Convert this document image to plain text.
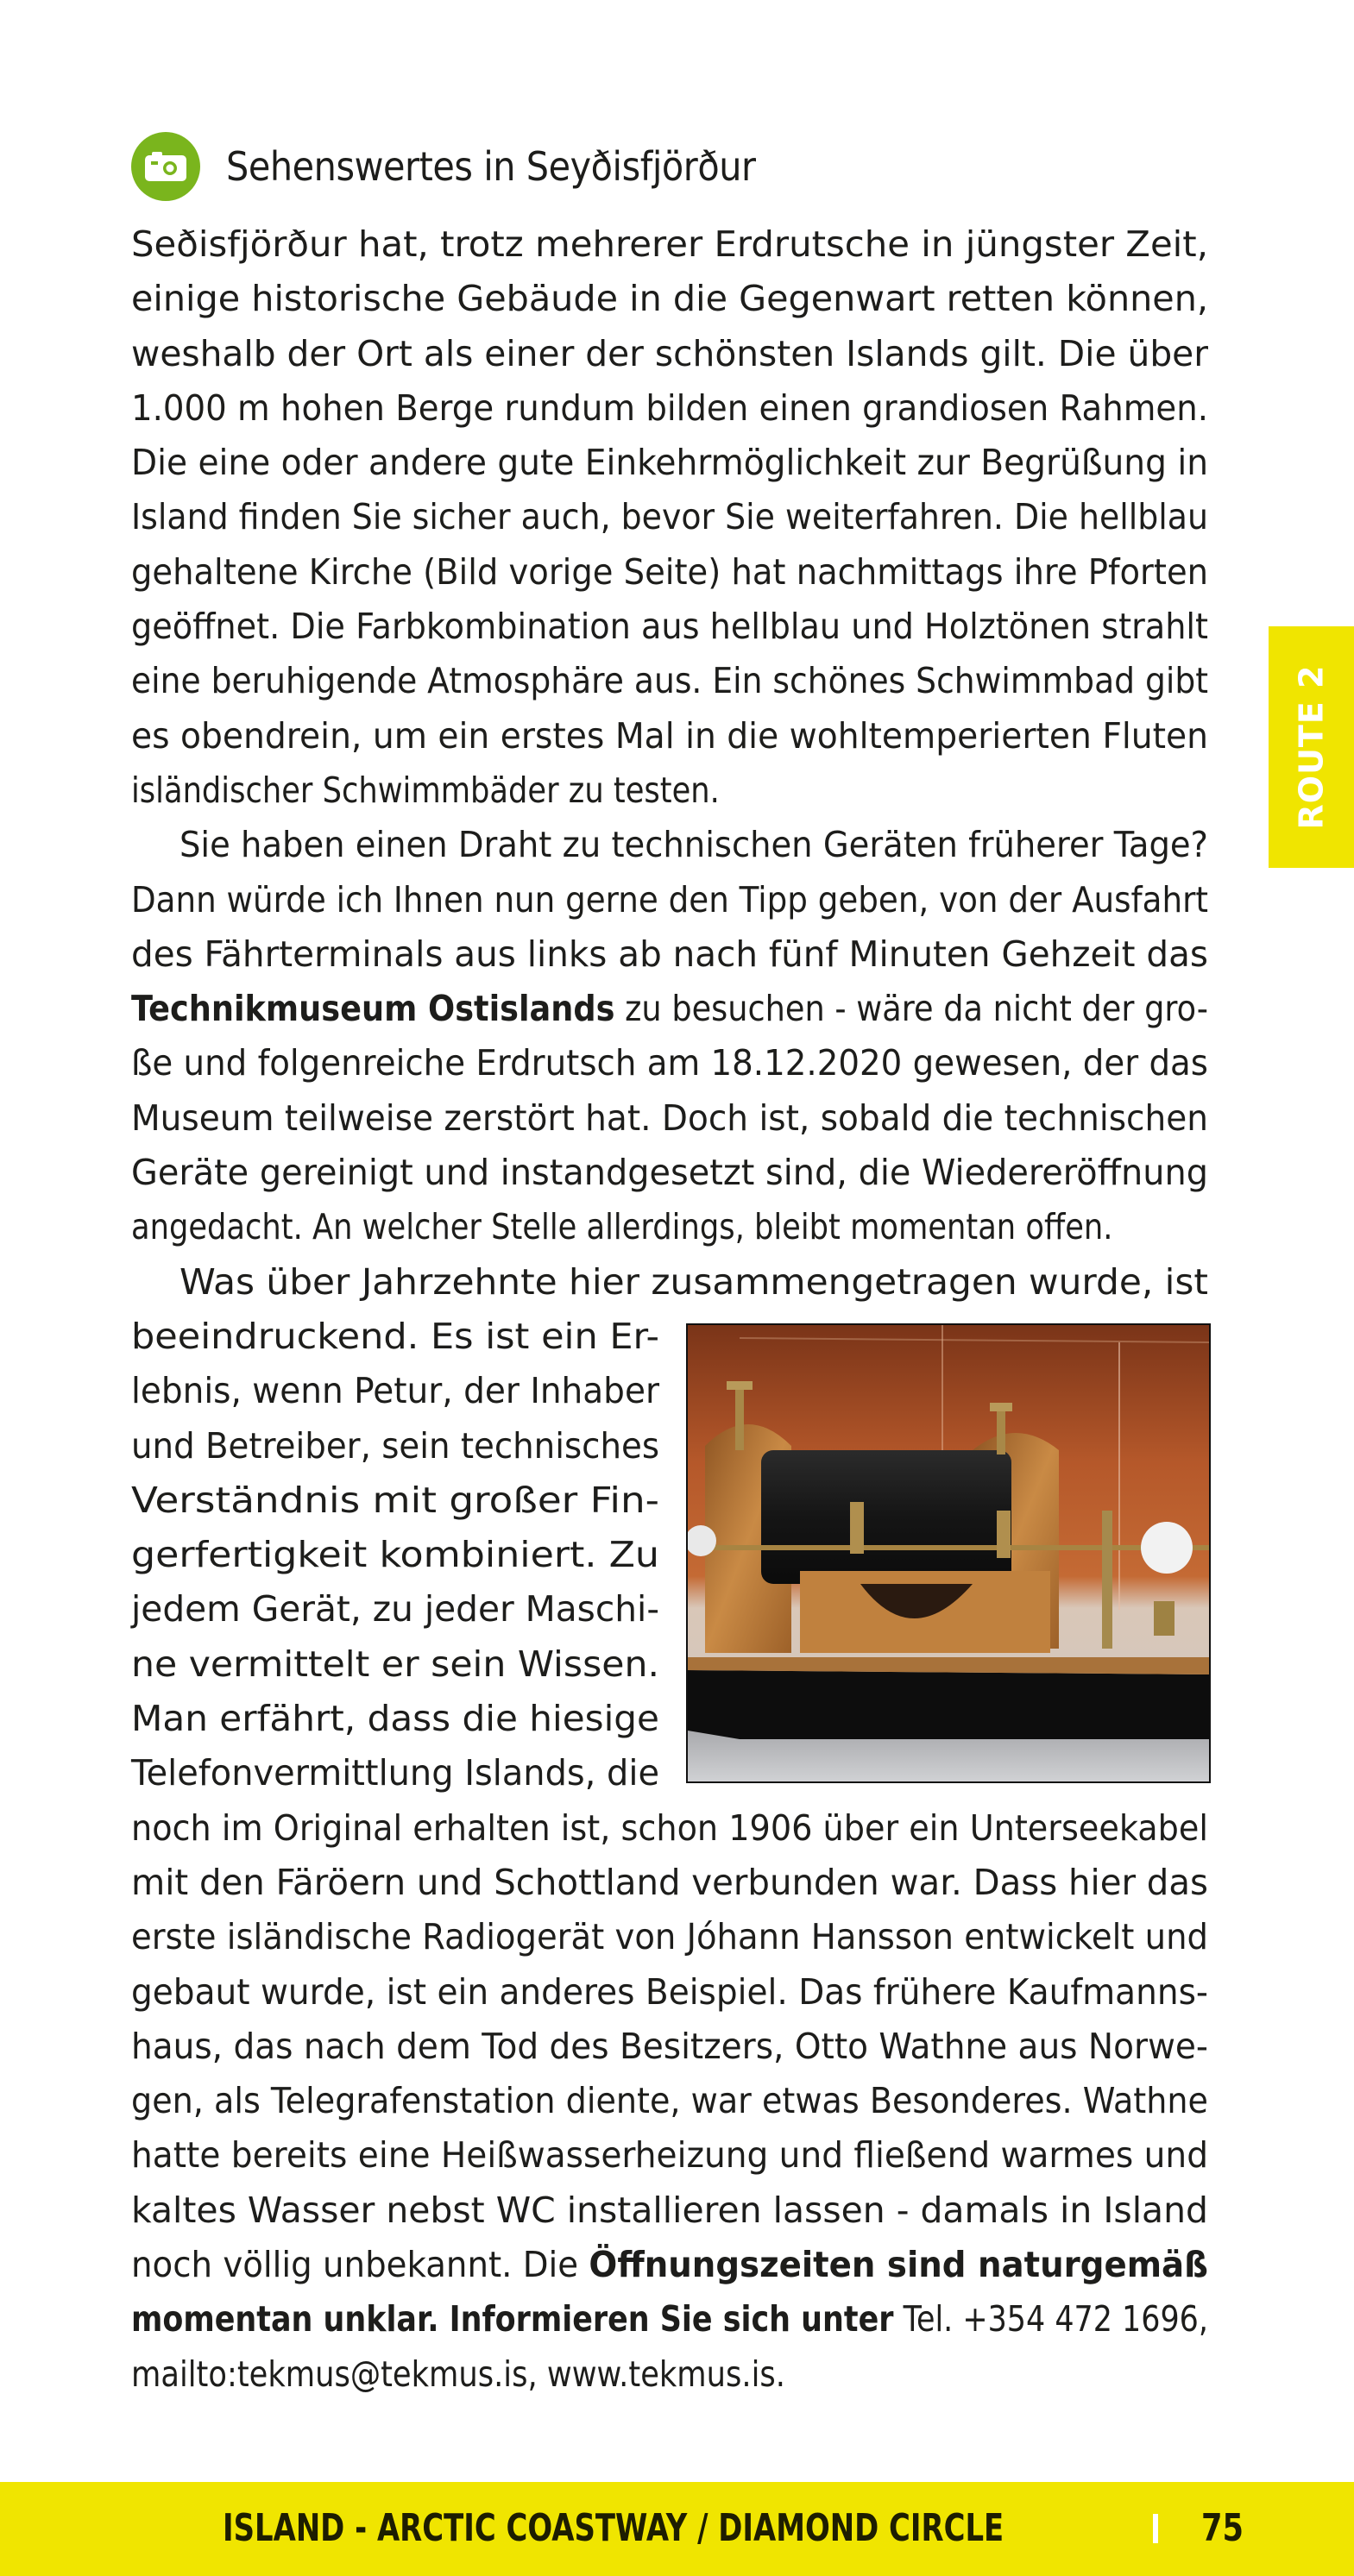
Sehenswertes in Seyðisfjörður
Seðisfjörður hat, trotz mehrerer Erdrutsche in jüngster Zeit,
einige historische Gebäude in die Gegenwart retten können,
weshalb der Ort als einer der schönsten Islands gilt. Die über
1.000 m hohen Berge rundum bilden einen grandiosen Rahmen.
Die eine oder andere gute Einkehrmöglichkeit zur Begrüßung in
Island finden Sie sicher auch, bevor Sie weiterfahren. Die hellblau
gehaltene Kirche (Bild vorige Seite) hat nachmittags ihre Pforten
geöffnet. Die Farbkombination aus hellblau und Holztönen strahlt
eine beruhigende Atmosphäre aus. Ein schönes Schwimmbad gibt
es obendrein, um ein erstes Mal in die wohltemperierten Fluten
isländischer Schwimmbäder zu testen.
Sie haben einen Draht zu technischen Geräten früherer Tage?
Dann würde ich Ihnen nun gerne den Tipp geben, von der Ausfahrt
des Fährterminals aus links ab nach fünf Minuten Gehzeit das
Technikmuseum Ostislands zu besuchen - wäre da nicht der gro-
ße und folgenreiche Erdrutsch am 18.12.2020 gewesen, der das
Museum teilweise zerstört hat. Doch ist, sobald die technischen
Geräte gereinigt und instandgesetzt sind, die Wiedereröffnung
angedacht. An welcher Stelle allerdings, bleibt momentan offen.
Was über Jahrzehnte hier zusammengetragen wurde, ist
beeindruckend. Es ist ein Er-
lebnis, wenn Petur, der Inhaber
und Betreiber, sein technisches
Verständnis mit großer Fin-
gerfertigkeit kombiniert. Zu
jedem Gerät, zu jeder Maschi-
ne vermittelt er sein Wissen.
Man erfährt, dass die hiesige
Telefonvermittlung Islands, die
noch im Original erhalten ist, schon 1906 über ein Unterseekabel
mit den Färöern und Schottland verbunden war. Dass hier das
erste isländische Radiogerät von Jóhann Hansson entwickelt und
gebaut wurde, ist ein anderes Beispiel. Das frühere Kaufmanns-
haus, das nach dem Tod des Besitzers, Otto Wathne aus Norwe-
gen, als Telegrafenstation diente, war etwas Besonderes. Wathne
hatte bereits eine Heißwasserheizung und fließend warmes und
kaltes Wasser nebst WC installieren lassen - damals in Island
noch völlig unbekannt. Die Öffnungszeiten sind naturgemäß
momentan unklar. Informieren Sie sich unter Tel. +354 472 1696,
mailto:tekmus@tekmus.is, www.tekmus.is.
ROUTE 2
ISLAND - ARCTIC COASTWAY / DIAMOND CIRCLE	75
